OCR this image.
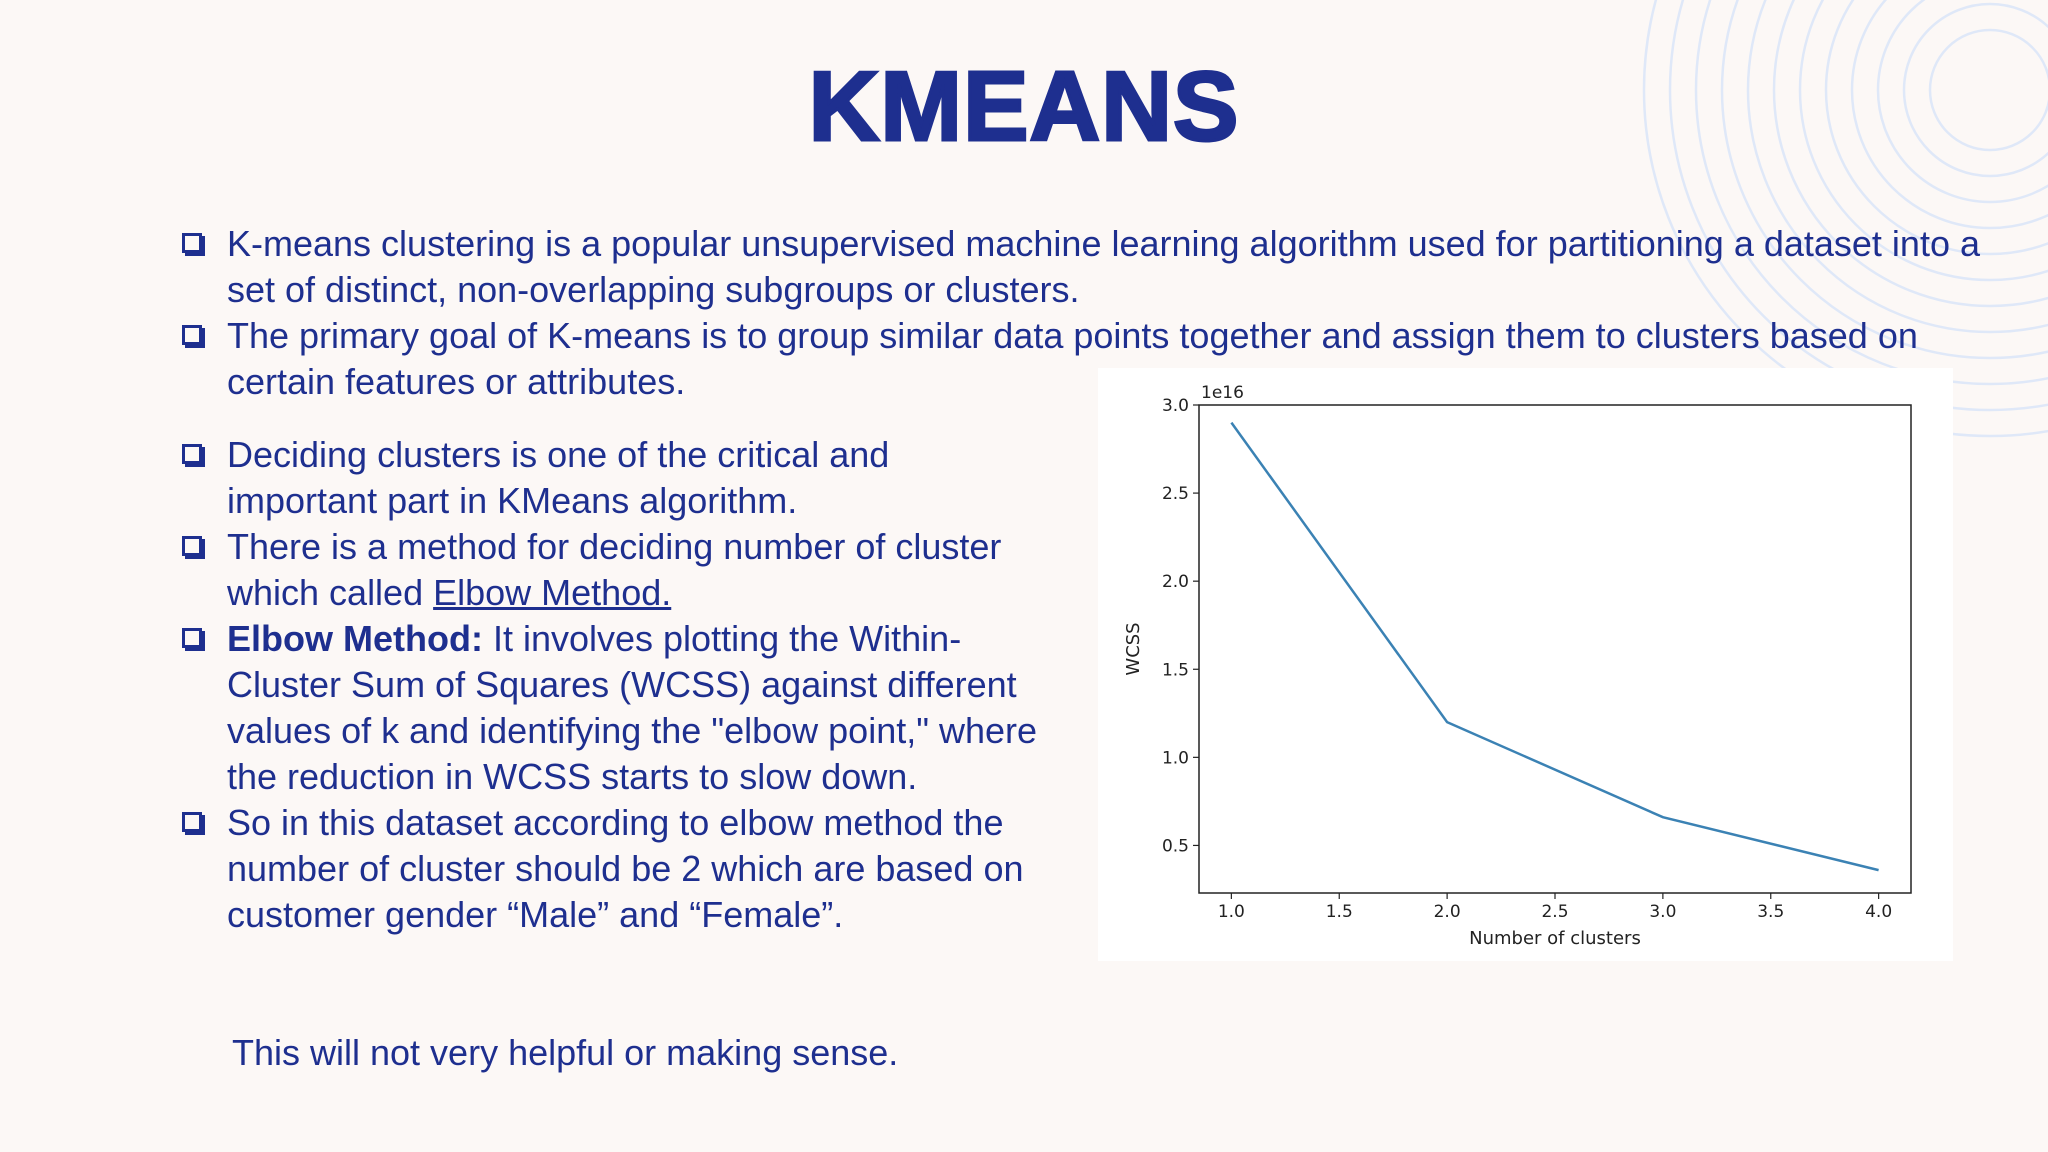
KMEANS
K-means clustering is a popular unsupervised machine learning algorithm used for partitioning a dataset into a set of distinct, non-overlapping subgroups or clusters.
The primary goal of K-means is to group similar data points together and assign them to clusters based on certain features or attributes.
Deciding clusters is one of the critical and important part in KMeans algorithm.
There is a method for deciding number of cluster which called Elbow Method.
Elbow Method: It involves plotting the Within-Cluster Sum of Squares (WCSS) against different values of k and identifying the "elbow point," where the reduction in WCSS starts to slow down.
So in this dataset according to elbow method the number of cluster should be 2 which are based on customer gender “Male” and “Female”.
This will not very helpful or making sense.
1.0	1.5	2.0	2.5	3.0	3.5	4.0
0.5
1.0
1.5
2.0
2.5
3.0
1e16
Number of clusters
WCSS
